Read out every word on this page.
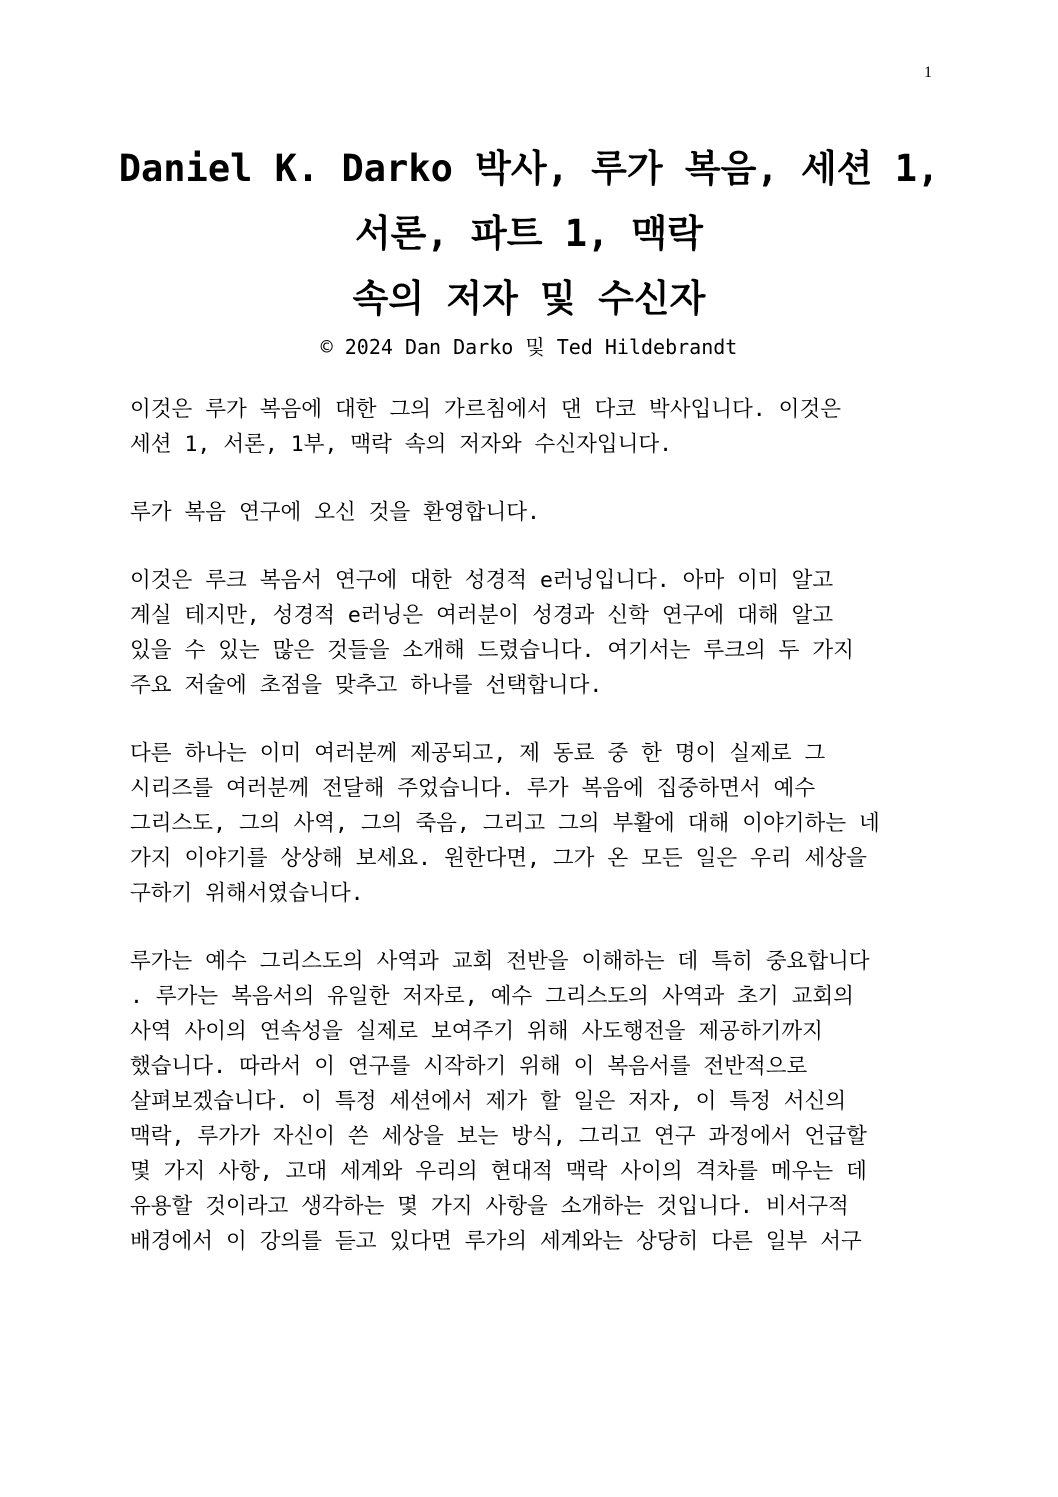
1
Daniel K. Darko 박사, 루가 복음, 세션 1,
서론, 파트 1, 맥락
속의 저자 및 수신자
© 2024 Dan Darko 및 Ted Hildebrandt

이것은 루가 복음에 대한 그의 가르침에서 댄 다코 박사입니다. 이것은
세션 1, 서론, 1부, 맥락 속의 저자와 수신자입니다.

루가 복음 연구에 오신 것을 환영합니다.

이것은 루크 복음서 연구에 대한 성경적 e러닝입니다. 아마 이미 알고
계실 테지만, 성경적 e러닝은 여러분이 성경과 신학 연구에 대해 알고
있을 수 있는 많은 것들을 소개해 드렸습니다. 여기서는 루크의 두 가지
주요 저술에 초점을 맞추고 하나를 선택합니다.

다른 하나는 이미 여러분께 제공되고, 제 동료 중 한 명이 실제로 그
시리즈를 여러분께 전달해 주었습니다. 루가 복음에 집중하면서 예수
그리스도, 그의 사역, 그의 죽음, 그리고 그의 부활에 대해 이야기하는 네
가지 이야기를 상상해 보세요. 원한다면, 그가 온 모든 일은 우리 세상을
구하기 위해서였습니다.

루가는 예수 그리스도의 사역과 교회 전반을 이해하는 데 특히 중요합니다
. 루가는 복음서의 유일한 저자로, 예수 그리스도의 사역과 초기 교회의
사역 사이의 연속성을 실제로 보여주기 위해 사도행전을 제공하기까지
했습니다. 따라서 이 연구를 시작하기 위해 이 복음서를 전반적으로
살펴보겠습니다. 이 특정 세션에서 제가 할 일은 저자, 이 특정 서신의
맥락, 루가가 자신이 쓴 세상을 보는 방식, 그리고 연구 과정에서 언급할
몇 가지 사항, 고대 세계와 우리의 현대적 맥락 사이의 격차를 메우는 데
유용할 것이라고 생각하는 몇 가지 사항을 소개하는 것입니다. 비서구적
배경에서 이 강의를 듣고 있다면 루가의 세계와는 상당히 다른 일부 서구
